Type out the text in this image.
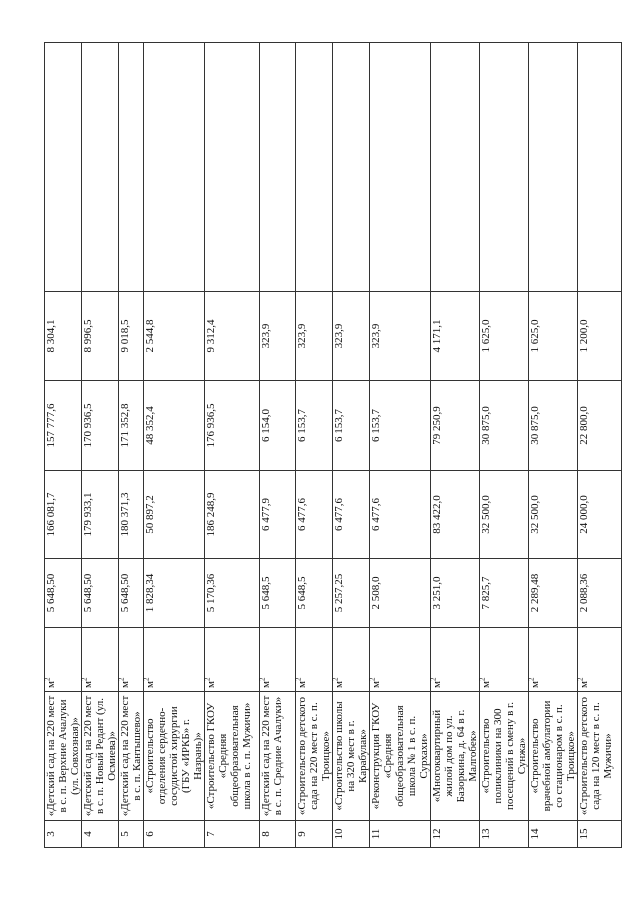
3	«Детский сад на 220 мест в с. п. Верхние Ачалуки (ул. Совхозная)»	$м^2$	5 648,50	166 081,7	157 777,6	8 304,1	
4	«Детский сад на 220 мест в с. п. Новый Редант (ул. Осмиева)»	$м^2$	5 648,50	179 933,1	170 936,5	8 996,5	
5	«Детский сад на 220 мест в с. п. Кантышево»	$м^2$	5 648,50	180 371,3	171 352,8	9 018,5	
6	«Строительство отделения сердечно-сосудистой хирургии (ГБУ «ИРКБ» г. Назрань)»	$м^2$	1 828,34	50 897,2	48 352,4	2 544,8	
7	«Строительство ГКОУ «Средняя общеобразовательная школа в с. п. Мужичи»	$м^2$	5 170,36	186 248,9	176 936,5	9 312,4	
8	«Детский сад на 220 мест в с. п. Средние Ачалуки»	$м^2$	5 648,5	6 477,9	6 154,0	323,9	
9	«Строительство детского сада на 220 мест в с. п. Троицкое»	$м^2$	5 648,5	6 477,6	6 153,7	323,9	
10	«Строительство школы на 320 мест в г. Карабулак»	$м^2$	5 257,25	6 477,6	6 153,7	323,9	
11	«Реконструкция ГКОУ «Средняя общеобразовательная школа № 1 в с. п. Сурхахи»	$м^2$	2 508,0	6 477,6	6 153,7	323,9	
12	«Многоквартирный жилой дом по ул. Базоркина, д. 64 в г. Малгобек»	$м^2$	3 251,0	83 422,0	79 250,9	4 171,1	
13	«Строительство поликлиники на 300 посещений в смену в г. Сунжа»	$м^2$	7 825,7	32 500,0	30 875,0	1 625,0	
14	«Строительство врачебной амбулатории со стационаром в с. п. Троицкое»	$м^2$	2 289,48	32 500,0	30 875,0	1 625,0	
15	«Строительство детского сада на 120 мест в с. п. Мужичи»	$м^2$	2 088,36	24 000,0	22 800,0	1 200,0	
